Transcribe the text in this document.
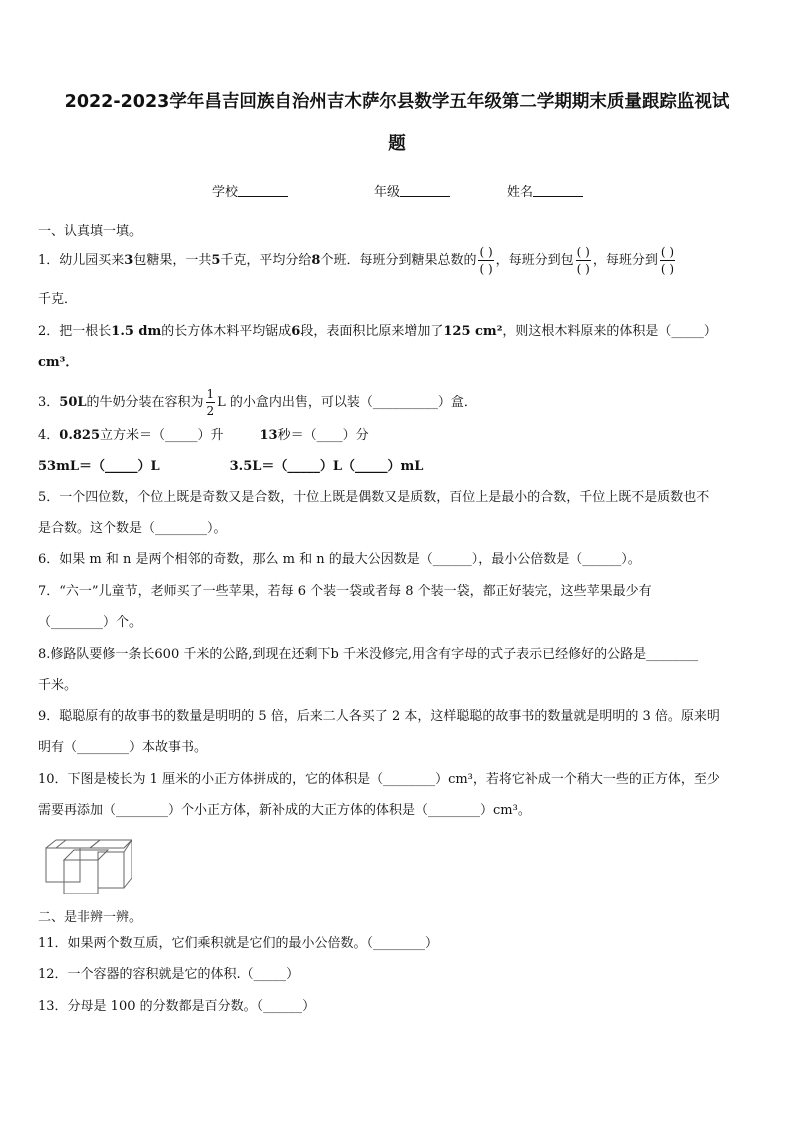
2022-2023学年昌吉回族自治州吉木萨尔县数学五年级第二学期期末质量跟踪监视试
题
学校	年级	姓名
一、认真填一填。
1．幼儿园买来3包糖果，一共5千克，平均分给8个班．每班分到糖果总数的 $\frac{( )}{( )}$ ，每班分到包 $\frac{( )}{( )}$ ，每班分到 $\frac{( )}{( )}$
千克．
2．把一根长1.5 dm的长方体木料平均锯成6段，表面积比原来增加了125 cm²，则这根木料原来的体积是（_____）
cm³．
3．50L的牛奶分装在容积为 $\frac{1}{2}$ L 的小盒内出售，可以装（__________）盒．
4．0.825立方米＝（_____）升	13秒＝（____）分
53mL＝（_____）L	3.5L＝（_____）L（_____）mL
5．一个四位数，个位上既是奇数又是合数，十位上既是偶数又是质数，百位上是最小的合数，千位上既不是质数也不
是合数。这个数是（________）。
6．如果 m 和 n 是两个相邻的奇数，那么 m 和 n 的最大公因数是（______），最小公倍数是（______）。
7．“六一”儿童节，老师买了一些苹果，若每 6 个装一袋或者每 8 个装一袋，都正好装完，这些苹果最少有
（________）个。
8.修路队要修一条长600 千米的公路,到现在还剩下b 千米没修完,用含有字母的式子表示已经修好的公路是________
千米。
9．聪聪原有的故事书的数量是明明的 5 倍，后来二人各买了 2 本，这样聪聪的故事书的数量就是明明的 3 倍。原来明
明有（________）本故事书。
10．下图是棱长为 1 厘米的小正方体拼成的，它的体积是（________）cm³，若将它补成一个稍大一些的正方体，至少
需要再添加（________）个小正方体，新补成的大正方体的体积是（________）cm³。
二、是非辨一辨。
11．如果两个数互质，它们乘积就是它们的最小公倍数。（________）
12．一个容器的容积就是它的体积.（_____）
13．分母是 100 的分数都是百分数。（______）
